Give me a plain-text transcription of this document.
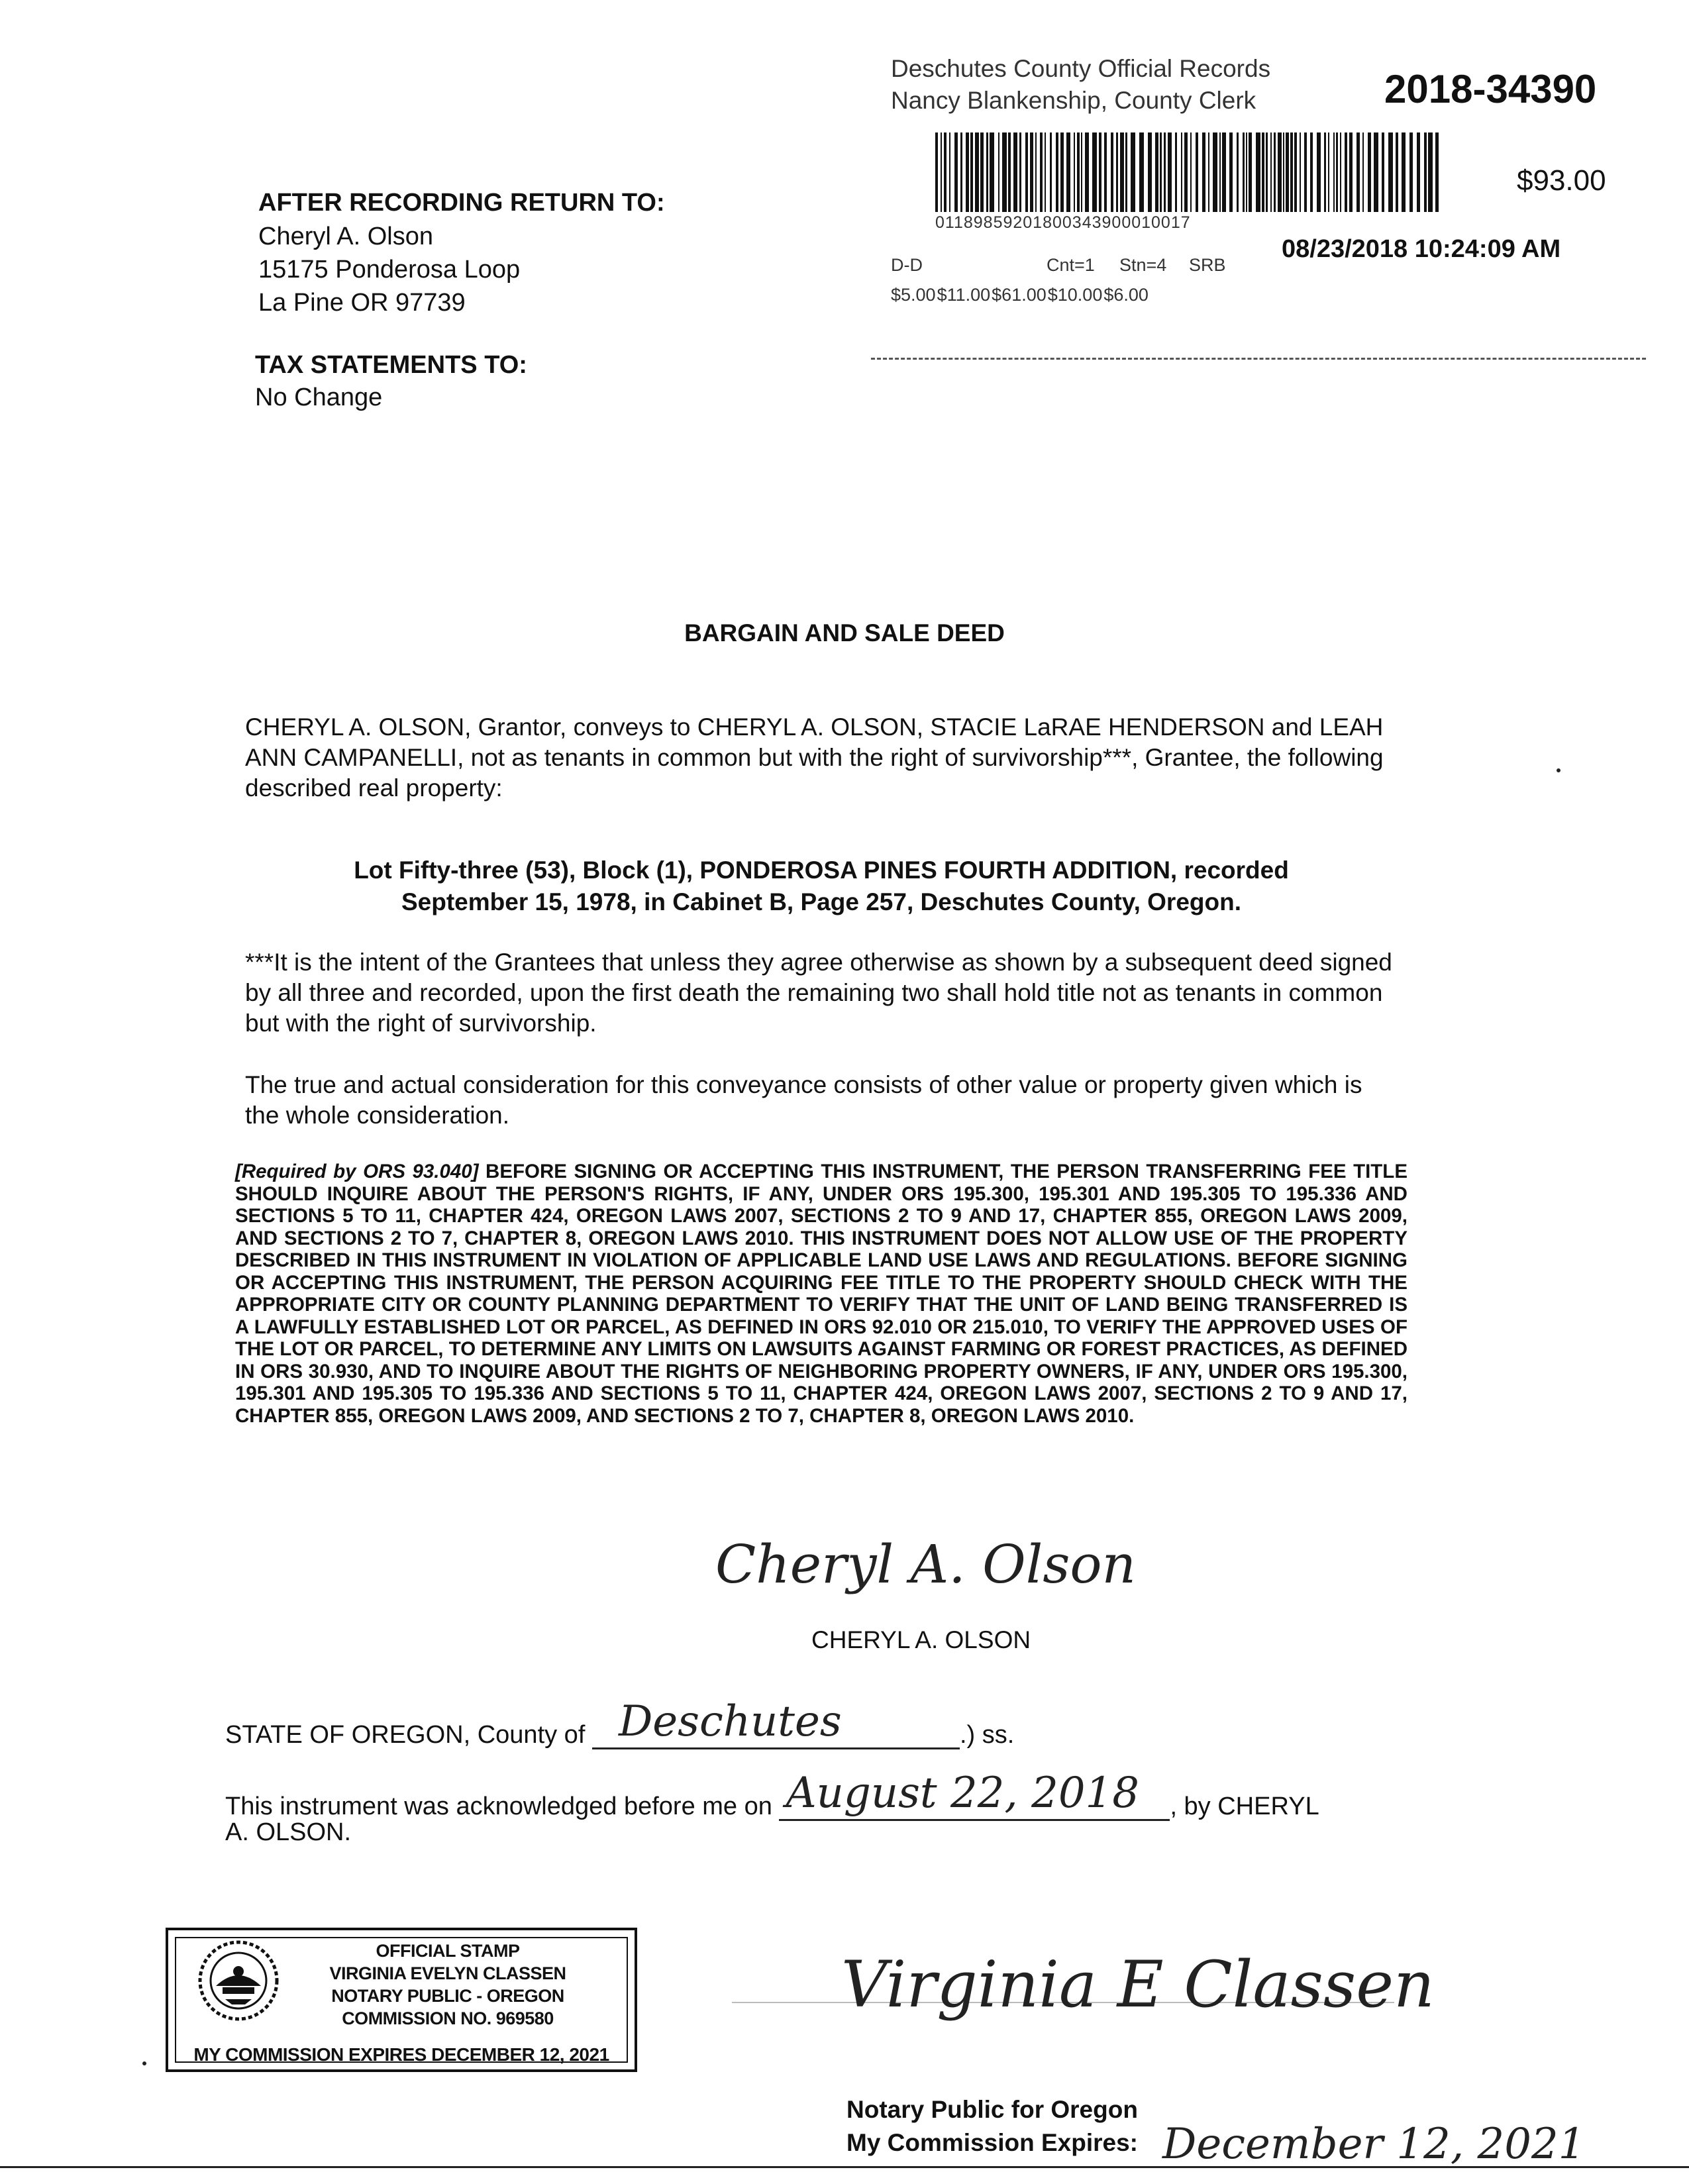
Deschutes County Official Records
Nancy Blankenship, County Clerk	2018-34390
01189859201800343900010017
$93.00
08/23/2018 10:24:09 AM
D-D	Cnt=1 Stn=4 SRB
$5.00$11.00$61.00$10.00$6.00
AFTER RECORDING RETURN TO:
Cheryl A. Olson
15175 Ponderosa Loop
La Pine OR 97739
TAX STATEMENTS TO:
No Change
BARGAIN AND SALE DEED
CHERYL A. OLSON, Grantor, conveys to CHERYL A. OLSON, STACIE LaRAE HENDERSON and LEAH ANN CAMPANELLI, not as tenants in common but with the right of survivorship***, Grantee, the following described real property:
Lot Fifty-three (53), Block (1), PONDEROSA PINES FOURTH ADDITION, recorded
September 15, 1978, in Cabinet B, Page 257, Deschutes County, Oregon.
***It is the intent of the Grantees that unless they agree otherwise as shown by a subsequent deed signed by all three and recorded, upon the first death the remaining two shall hold title not as tenants in common but with the right of survivorship.
The true and actual consideration for this conveyance consists of other value or property given which is the whole consideration.
[Required by ORS 93.040] BEFORE SIGNING OR ACCEPTING THIS INSTRUMENT, THE PERSON TRANSFERRING FEE TITLE SHOULD INQUIRE ABOUT THE PERSON'S RIGHTS, IF ANY, UNDER ORS 195.300, 195.301 AND 195.305 TO 195.336 AND SECTIONS 5 TO 11, CHAPTER 424, OREGON LAWS 2007, SECTIONS 2 TO 9 AND 17, CHAPTER 855, OREGON LAWS 2009, AND SECTIONS 2 TO 7, CHAPTER 8, OREGON LAWS 2010. THIS INSTRUMENT DOES NOT ALLOW USE OF THE PROPERTY DESCRIBED IN THIS INSTRUMENT IN VIOLATION OF APPLICABLE LAND USE LAWS AND REGULATIONS. BEFORE SIGNING OR ACCEPTING THIS INSTRUMENT, THE PERSON ACQUIRING FEE TITLE TO THE PROPERTY SHOULD CHECK WITH THE APPROPRIATE CITY OR COUNTY PLANNING DEPARTMENT TO VERIFY THAT THE UNIT OF LAND BEING TRANSFERRED IS A LAWFULLY ESTABLISHED LOT OR PARCEL, AS DEFINED IN ORS 92.010 OR 215.010, TO VERIFY THE APPROVED USES OF THE LOT OR PARCEL, TO DETERMINE ANY LIMITS ON LAWSUITS AGAINST FARMING OR FOREST PRACTICES, AS DEFINED IN ORS 30.930, AND TO INQUIRE ABOUT THE RIGHTS OF NEIGHBORING PROPERTY OWNERS, IF ANY, UNDER ORS 195.300, 195.301 AND 195.305 TO 195.336 AND SECTIONS 5 TO 11, CHAPTER 424, OREGON LAWS 2007, SECTIONS 2 TO 9 AND 17, CHAPTER 855, OREGON LAWS 2009, AND SECTIONS 2 TO 7, CHAPTER 8, OREGON LAWS 2010.
Cheryl A. Olson
CHERYL A. OLSON
STATE OF OREGON, County of Deschutes	.) ss.
This instrument was acknowledged before me on August 22, 2018 , by CHERYL
A. OLSON.
OFFICIAL STAMP
VIRGINIA EVELYN CLASSEN
NOTARY PUBLIC - OREGON
COMMISSION NO. 969580
MY COMMISSION EXPIRES DECEMBER 12, 2021
Virginia E Classen
Notary Public for Oregon
My Commission Expires: December 12, 2021
